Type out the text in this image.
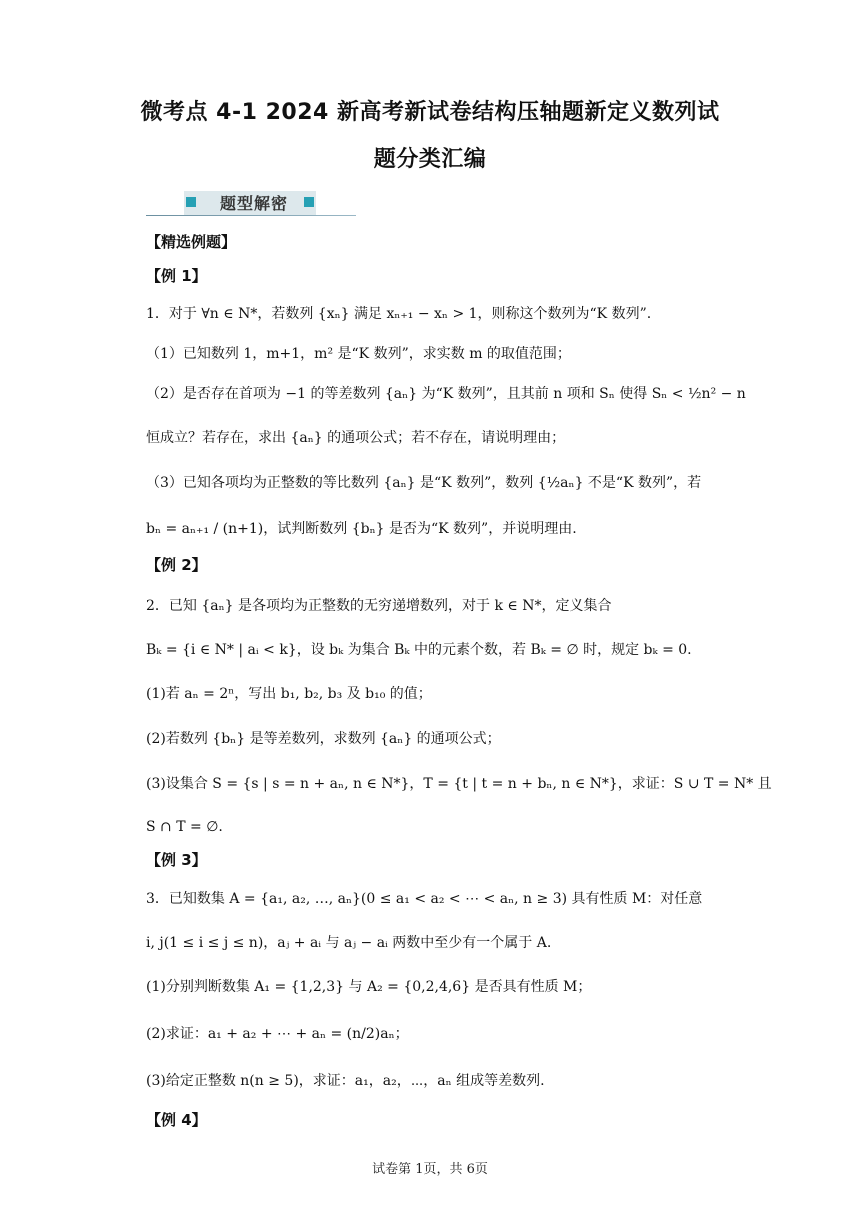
微考点 4-1 2024 新高考新试卷结构压轴题新定义数列试
题分类汇编
题型解密
【精选例题】
【例 1】
1．对于 ∀n ∈ N*，若数列 {xₙ} 满足 xₙ₊₁ − xₙ > 1，则称这个数列为“K 数列”.
（1）已知数列 1，m+1，m² 是“K 数列”，求实数 m 的取值范围；
（2）是否存在首项为 −1 的等差数列 {aₙ} 为“K 数列”，且其前 n 项和 Sₙ 使得 Sₙ < ½n² − n
恒成立？若存在，求出 {aₙ} 的通项公式；若不存在，请说明理由；
（3）已知各项均为正整数的等比数列 {aₙ} 是“K 数列”，数列 {½aₙ} 不是“K 数列”，若
bₙ = aₙ₊₁ / (n+1)，试判断数列 {bₙ} 是否为“K 数列”，并说明理由.
【例 2】
2．已知 {aₙ} 是各项均为正整数的无穷递增数列，对于 k ∈ N*，定义集合
Bₖ = {i ∈ N* | aᵢ < k}，设 bₖ 为集合 Bₖ 中的元素个数，若 Bₖ = ∅ 时，规定 bₖ = 0.
(1)若 aₙ = 2ⁿ，写出 b₁, b₂, b₃ 及 b₁₀ 的值；
(2)若数列 {bₙ} 是等差数列，求数列 {aₙ} 的通项公式；
(3)设集合 S = {s | s = n + aₙ, n ∈ N*}，T = {t | t = n + bₙ, n ∈ N*}，求证：S ∪ T = N* 且
S ∩ T = ∅.
【例 3】
3．已知数集 A = {a₁, a₂, …, aₙ}(0 ≤ a₁ < a₂ < ⋯ < aₙ, n ≥ 3) 具有性质 M：对任意
i, j(1 ≤ i ≤ j ≤ n)，aⱼ + aᵢ 与 aⱼ − aᵢ 两数中至少有一个属于 A.
(1)分别判断数集 A₁ = {1,2,3} 与 A₂ = {0,2,4,6} 是否具有性质 M；
(2)求证：a₁ + a₂ + ⋯ + aₙ = (n/2)aₙ；
(3)给定正整数 n(n ≥ 5)，求证：a₁，a₂，⋯，aₙ 组成等差数列.
【例 4】
试卷第 1页，共 6页
